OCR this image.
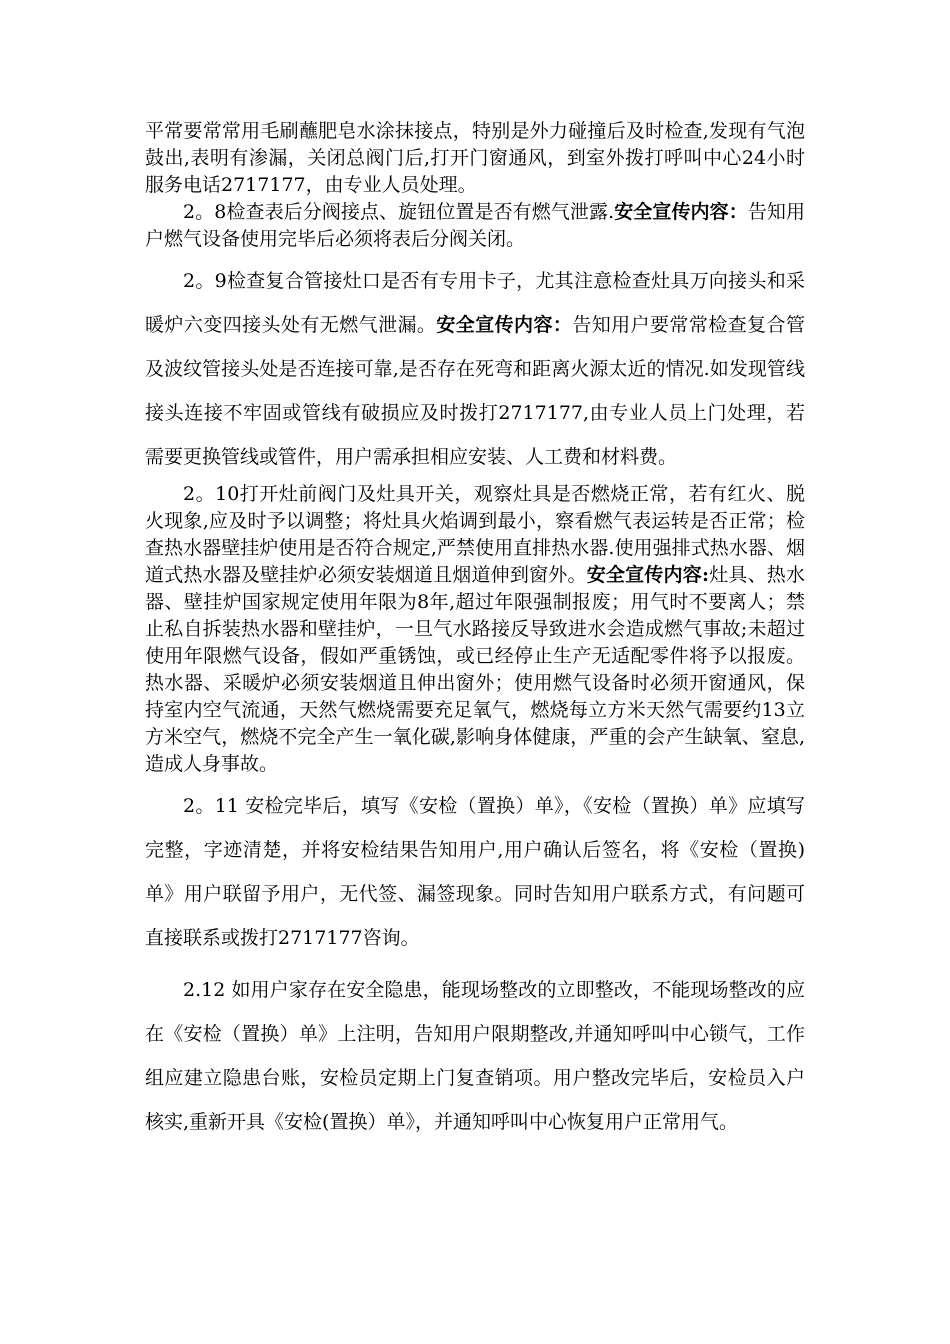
平常要常常用毛刷蘸肥皂水涂抹接点，特别是外力碰撞后及时检查,发现有气泡鼓出,表明有渗漏，关闭总阀门后,打开门窗通风，到室外拨打呼叫中心24小时服务电话2717177，由专业人员处理。

2。8检查表后分阀接点、旋钮位置是否有燃气泄露.安全宣传内容：告知用户燃气设备使用完毕后必须将表后分阀关闭。

2。9检查复合管接灶口是否有专用卡子，尤其注意检查灶具万向接头和采暖炉六变四接头处有无燃气泄漏。安全宣传内容：告知用户要常常检查复合管及波纹管接头处是否连接可靠,是否存在死弯和距离火源太近的情况.如发现管线接头连接不牢固或管线有破损应及时拨打2717177,由专业人员上门处理，若需要更换管线或管件，用户需承担相应安装、人工费和材料费。

2。10打开灶前阀门及灶具开关，观察灶具是否燃烧正常，若有红火、脱火现象,应及时予以调整；将灶具火焰调到最小，察看燃气表运转是否正常；检查热水器壁挂炉使用是否符合规定,严禁使用直排热水器.使用强排式热水器、烟道式热水器及壁挂炉必须安装烟道且烟道伸到窗外。安全宣传内容:灶具、热水器、壁挂炉国家规定使用年限为8年,超过年限强制报废；用气时不要离人；禁止私自拆装热水器和壁挂炉，一旦气水路接反导致进水会造成燃气事故;未超过使用年限燃气设备，假如严重锈蚀，或已经停止生产无适配零件将予以报废。热水器、采暖炉必须安装烟道且伸出窗外；使用燃气设备时必须开窗通风，保持室内空气流通，天然气燃烧需要充足氧气，燃烧每立方米天然气需要约13立方米空气，燃烧不完全产生一氧化碳,影响身体健康，严重的会产生缺氧、窒息,造成人身事故。

2。11 安检完毕后，填写《安检（置换）单》，《安检（置换）单》应填写完整，字迹清楚，并将安检结果告知用户,用户确认后签名，将《安检（置换)单》用户联留予用户，无代签、漏签现象。同时告知用户联系方式，有问题可直接联系或拨打2717177咨询。

2.12 如用户家存在安全隐患，能现场整改的立即整改，不能现场整改的应在《安检（置换）单》上注明，告知用户限期整改,并通知呼叫中心锁气，工作组应建立隐患台账，安检员定期上门复查销项。用户整改完毕后，安检员入户核实,重新开具《安检(置换）单》，并通知呼叫中心恢复用户正常用气。
